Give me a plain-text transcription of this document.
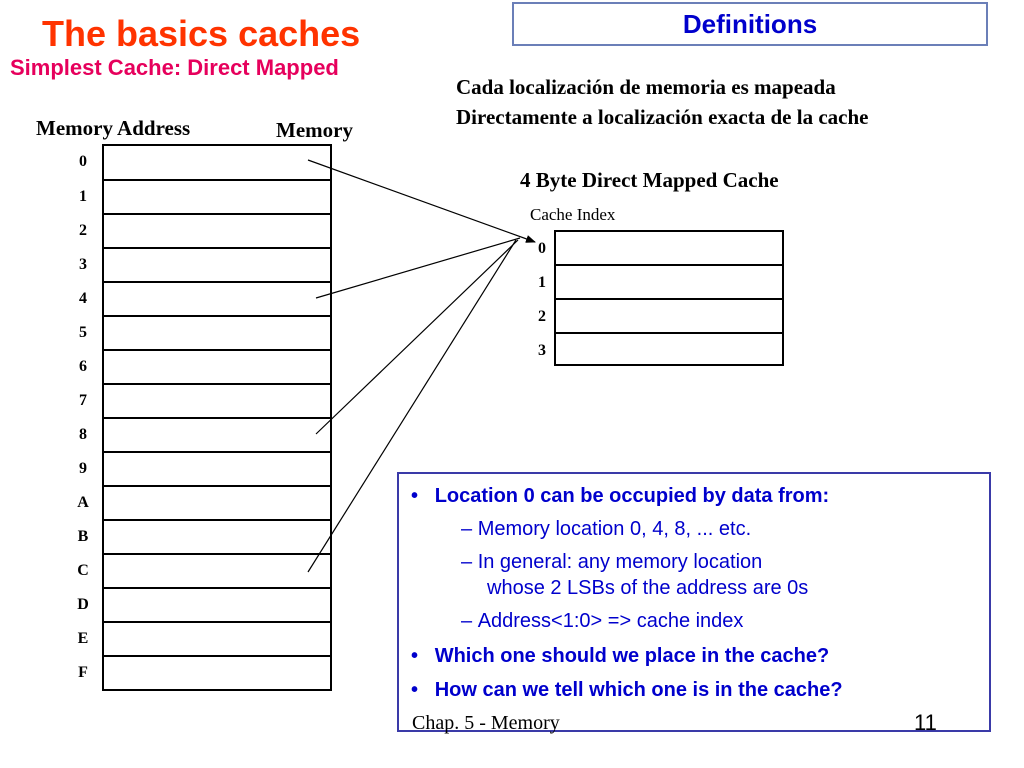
The basics caches
Simplest Cache: Direct Mapped
Definitions
Cada localización de memoria es mapeada
Directamente a localización exacta de la cache
Memory Address	Memory
0
1
2
3
4
5
6
7
8
9
A
B
C
D
E
F
4 Byte Direct Mapped Cache
Cache Index
0
1
2
3
• Location 0 can be occupied by data from:
– Memory location 0, 4, 8, ... etc.
– In general: any memory location
whose 2 LSBs of the address are 0s
– Address<1:0> => cache index
• Which one should we place in the cache?
• How can we tell which one is in the cache?
Chap. 5 - Memory	11
